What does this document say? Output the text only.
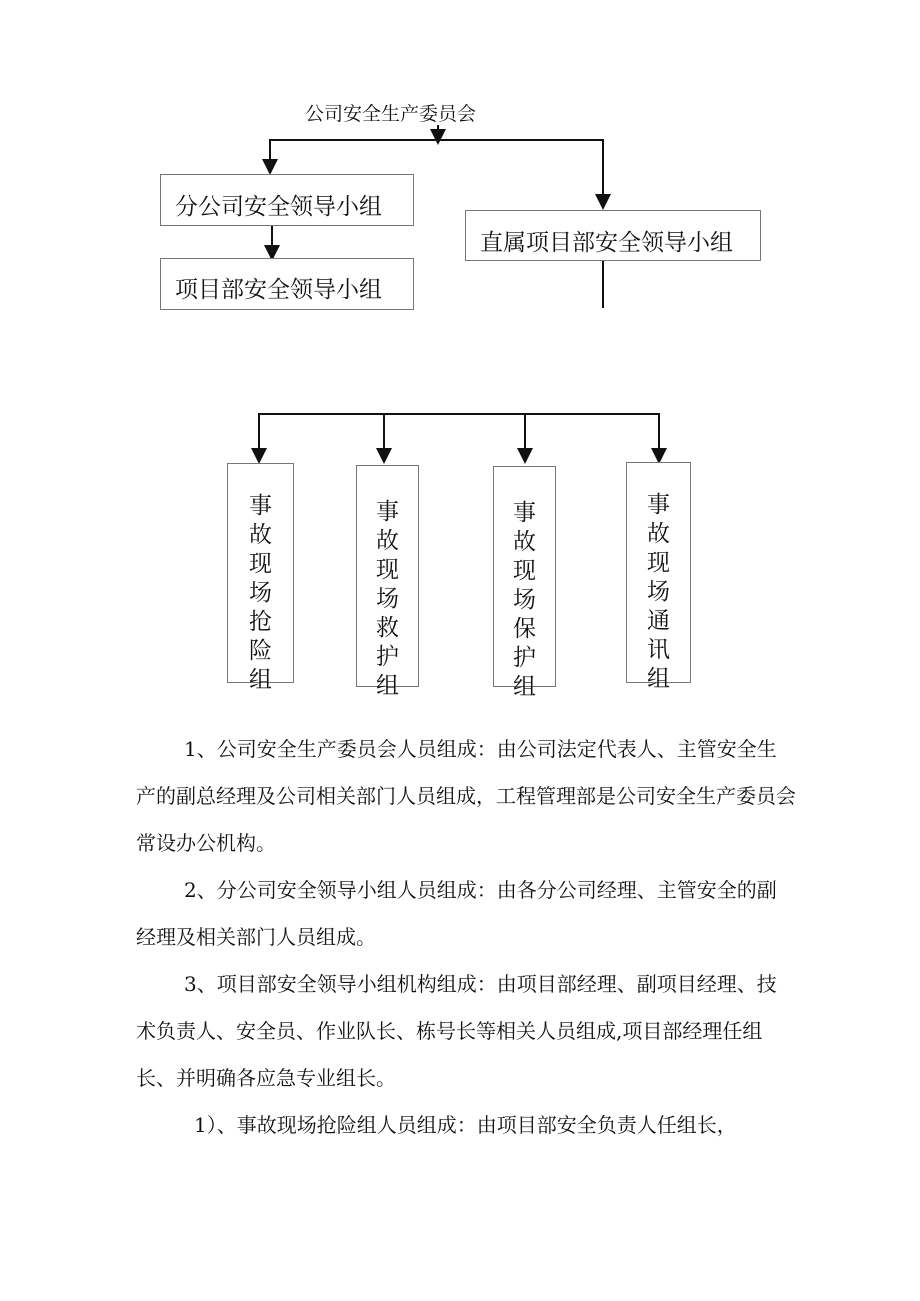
公司安全生产委员会
分公司安全领导小组
项目部安全领导小组
直属项目部安全领导小组
事故现场抢险组
事故现场救护组
事故现场保护组
事故现场通讯组

1、公司安全生产委员会人员组成：由公司法定代表人、主管安全生产的副总经理及公司相关部门人员组成，工程管理部是公司安全生产委员会常设办公机构。

2、分公司安全领导小组人员组成：由各分公司经理、主管安全的副经理及相关部门人员组成。

3、项目部安全领导小组机构组成：由项目部经理、副项目经理、技术负责人、安全员、作业队长、栋号长等相关人员组成,项目部经理任组长、并明确各应急专业组长。

1）、事故现场抢险组人员组成：由项目部安全负责人任组长，
